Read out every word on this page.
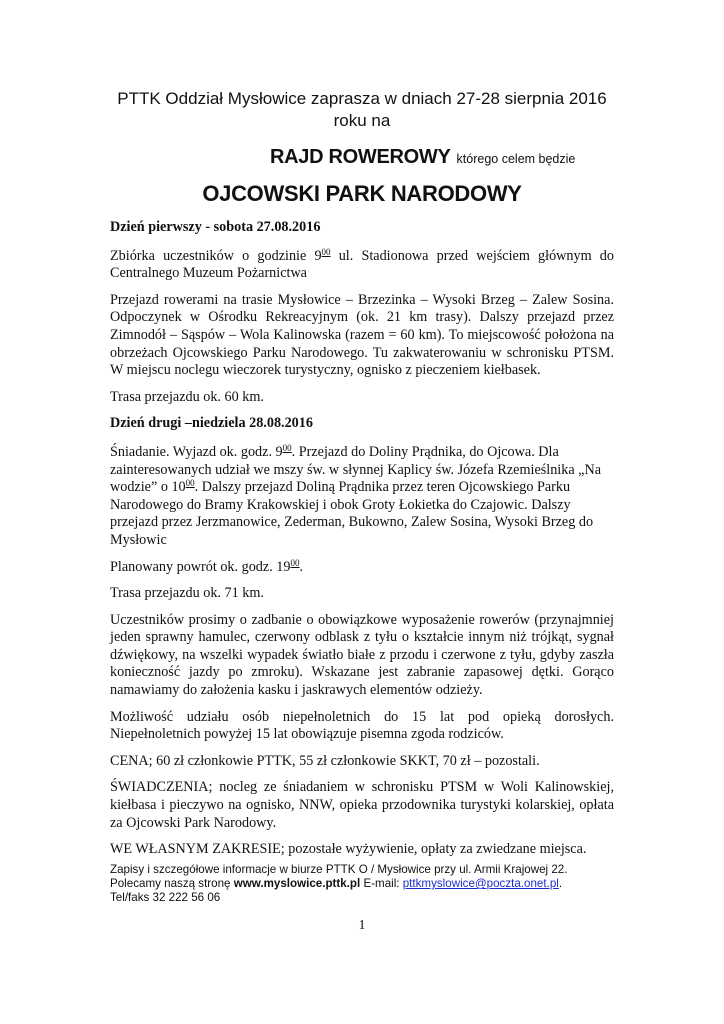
PTTK Oddział Mysłowice zaprasza w dniach 27-28 sierpnia 2016 roku na
RAJD ROWEROWY którego celem będzie
OJCOWSKI PARK NARODOWY

Dzień pierwszy - sobota 27.08.2016

Zbiórka uczestników o godzinie $9^{00}$ ul. Stadionowa przed wejściem głównym do Centralnego Muzeum Pożarnictwa

Przejazd rowerami na trasie Mysłowice – Brzezinka – Wysoki Brzeg – Zalew Sosina. Odpoczynek w Ośrodku Rekreacyjnym (ok. 21 km trasy). Dalszy przejazd przez Zimnodół – Sąspów – Wola Kalinowska (razem = 60 km). To miejscowość położona na obrzeżach Ojcowskiego Parku Narodowego. Tu zakwaterowaniu w schronisku PTSM. W miejscu noclegu wieczorek turystyczny, ognisko z pieczeniem kiełbasek.

Trasa przejazdu ok. 60 km.

Dzień drugi –niedziela 28.08.2016

Śniadanie. Wyjazd ok. godz. $9^{00}$. Przejazd do Doliny Prądnika, do Ojcowa. Dla zainteresowanych udział we mszy św. w słynnej Kaplicy św. Józefa Rzemieślnika „Na wodzie” o $10^{00}$. Dalszy przejazd Doliną Prądnika przez teren Ojcowskiego Parku Narodowego do Bramy Krakowskiej i obok Groty Łokietka do Czajowic. Dalszy przejazd przez Jerzmanowice, Zederman, Bukowno, Zalew Sosina, Wysoki Brzeg do Mysłowic

Planowany powrót ok. godz. $19^{00}$.

Trasa przejazdu ok. 71 km.

Uczestników prosimy o zadbanie o obowiązkowe wyposażenie rowerów (przynajmniej jeden sprawny hamulec, czerwony odblask z tyłu o kształcie innym niż trójkąt, sygnał dźwiękowy, na wszelki wypadek światło białe z przodu i czerwone z tyłu, gdyby zaszła konieczność jazdy po zmroku). Wskazane jest zabranie zapasowej dętki. Gorąco namawiamy do założenia kasku i jaskrawych elementów odzieży.

Możliwość udziału osób niepełnoletnich do 15 lat pod opieką dorosłych. Niepełnoletnich powyżej 15 lat obowiązuje pisemna zgoda rodziców.

CENA; 60 zł członkowie PTTK, 55 zł członkowie SKKT, 70 zł – pozostali.

ŚWIADCZENIA; nocleg ze śniadaniem w schronisku PTSM w Woli Kalinowskiej, kiełbasa i pieczywo na ognisko, NNW, opieka przodownika turystyki kolarskiej, opłata za Ojcowski Park Narodowy.

WE WŁASNYM ZAKRESIE; pozostałe wyżywienie, opłaty za zwiedzane miejsca.

Zapisy i szczegółowe informacje w biurze PTTK O / Mysłowice przy ul. Armii Krajowej 22.
Polecamy naszą stronę www.myslowice.pttk.pl E-mail: pttkmyslowice@poczta.onet.pl.
Tel/faks 32 222 56 06
1
